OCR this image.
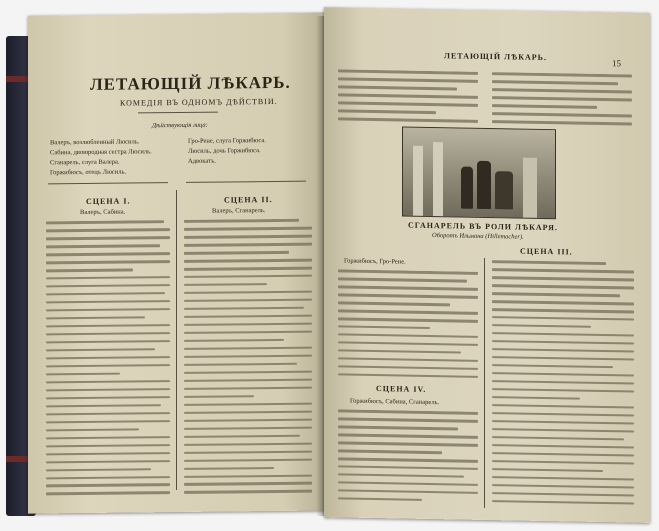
ЛЕТАЮЩІЙ ЛѢКАРЬ.
КОМЕДІЯ ВЪ ОДНОМЪ ДѢЙСТВІИ.
Дѣйствующія лица:
Валеръ, возлюбленный Люсиль.
Сабина, двоюродная сестра Люсиль.
Сганарель, слуга Валера.
Горжибюсъ, отецъ Люсиль.
Гро-Рене, слуга Горжибюса.
Люсиль, дочь Горжибюса.
Адвокатъ.
СЦЕНА I.
Валеръ, Сабина.
СЦЕНА II.
Валеръ, Сганарель.
ЛЕТАЮЩІЙ ЛѢКАРЬ.
15
СГАНАРЕЛЬ ВЪ РОЛИ ЛѢКАРЯ.
Оборотъ Ильмана (Hillemacher).
СЦЕНА III.
Горжибюсъ, Гро-Рене.
СЦЕНА IV.
Горжибюсъ, Сабина, Сганарель.
